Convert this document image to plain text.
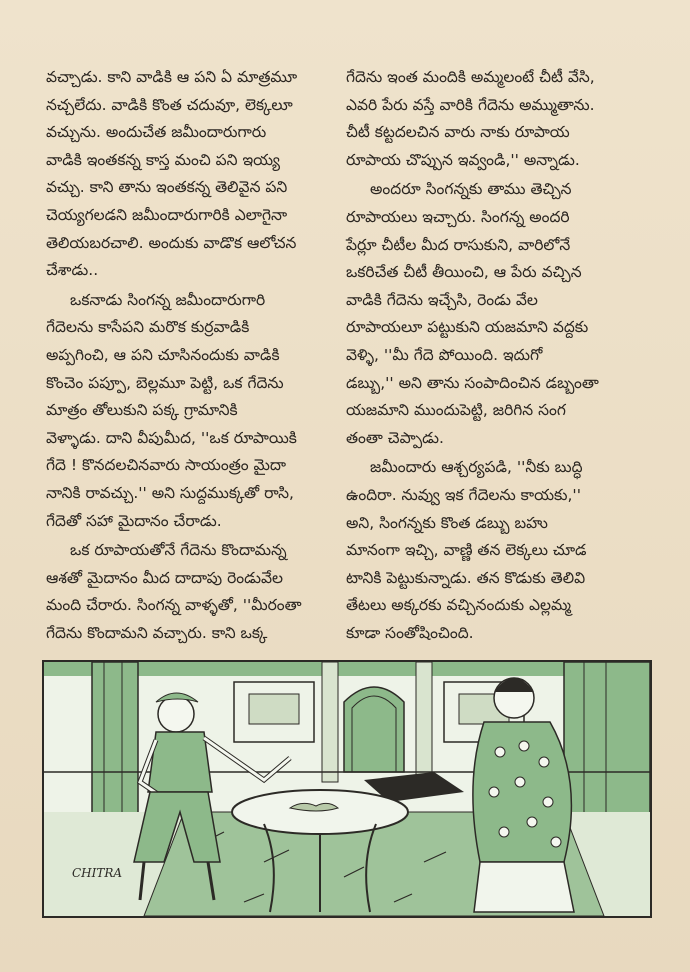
వచ్చాడు. కాని వాడికి ఆ పని ఏ మాత్రమూ
నచ్చలేదు. వాడికి కొంత చదువూ, లెక్కలూ
వచ్చును. అందుచేత జమీందారుగారు
వాడికి ఇంతకన్న కాస్త మంచి పని ఇయ్య
వచ్చు. కాని తాను ఇంతకన్న తెలివైన పని
చెయ్యగలడని జమీందారుగారికి ఎలాగైనా
తెలియబరచాలి. అందుకు వాడొక ఆలోచన
చేశాడు..

ఒకనాడు సింగన్న జమీందారుగారి
గేదెలను కాసేపని మరొక కుర్రవాడికి
అప్పగించి, ఆ పని చూసినందుకు వాడికి
కొంచెం పప్పూ, బెల్లమూ పెట్టి, ఒక గేదెను
మాత్రం తోలుకుని పక్క గ్రామానికి
వెళ్ళాడు. దాని వీపుమీద, ''ఒక రూపాయికి
గేదె ! కొనదలచినవారు సాయంత్రం మైదా
నానికి రావచ్చు.'' అని సుద్దముక్కతో రాసి,
గేదెతో సహా మైదానం చేరాడు.

ఒక రూపాయతోనే గేదెను కొందామన్న
ఆశతో మైదానం మీద దాదాపు రెండువేల
మంది చేరారు. సింగన్న వాళ్ళతో, ''మీరంతా
గేదెను కొందామని వచ్చారు. కాని ఒక్క

గేదెను ఇంత మందికి అమ్మలంటే చీటీ వేసి,
ఎవరి పేరు వస్తే వారికి గేదెను అమ్ముతాను.
చీటీ కట్టదలచిన వారు నాకు రూపాయ
రూపాయ చొప్పున ఇవ్వండి,'' అన్నాడు.

అందరూ సింగన్నకు తాము తెచ్చిన
రూపాయలు ఇచ్చారు. సింగన్న అందరి
పేర్లూ చీటీల మీద రాసుకుని, వారిలోనే
ఒకరిచేత చీటీ తీయించి, ఆ పేరు వచ్చిన
వాడికి గేదెను ఇచ్చేసి, రెండు వేల
రూపాయలూ పట్టుకుని యజమాని వద్దకు
వెళ్ళి, ''మీ గేదె పోయింది. ఇదుగో
డబ్బు,'' అని తాను సంపాదించిన డబ్బంతా
యజమాని ముందుపెట్టి, జరిగిన సంగ
తంతా చెప్పాడు.

జమీందారు ఆశ్చర్యపడి, ''నీకు బుద్ధి
ఉందిరా. నువ్వు ఇక గేదెలను కాయకు,''
అని, సింగన్నకు కొంత డబ్బు బహు
మానంగా ఇచ్చి, వాణ్ణి తన లెక్కలు చూడ
టానికి పెట్టుకున్నాడు. తన కొడుకు తెలివి
తేటలు అక్కరకు వచ్చినందుకు ఎల్లమ్మ
కూడా సంతోషించింది.

CHITRA
